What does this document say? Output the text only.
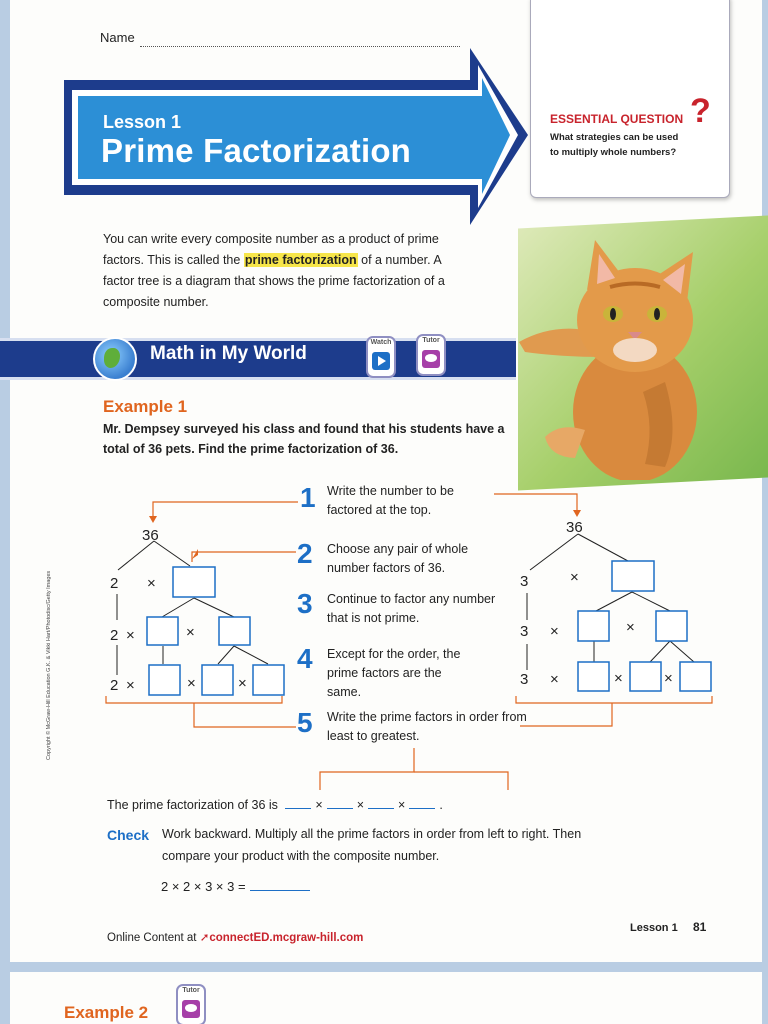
Name
ESSENTIAL QUESTION ?
What strategies can be used to multiply whole numbers?
Lesson 1
Prime Factorization
You can write every composite number as a product of prime factors. This is called the prime factorization of a number. A factor tree is a diagram that shows the prime factorization of a composite number.
Math in My World
Watch	Tutor
Example 1
Mr. Dempsey surveyed his class and found that his students have a total of 36 pets. Find the prime factorization of 36.
36
2
2
2
×
×	×
×	×	×
36
3
3
3
×
×	×
×	×	×
1 Write the number to be factored at the top.
2 Choose any pair of whole number factors of 36.
3 Continue to factor any number that is not prime.
4 Except for the order, the prime factors are the same.
5 Write the prime factors in order from least to greatest.
The prime factorization of 36 is	×	×	×	.
Check Work backward. Multiply all the prime factors in order from left to right. Then compare your product with the composite number.
2 × 2 × 3 × 3 =
Online Content at ➚connectED.mcgraw-hill.com
Lesson 1 81
Copyright © McGraw-Hill Education G.K. & Vikki Hart/Photodisc/Getty Images
Example 2
Tutor
